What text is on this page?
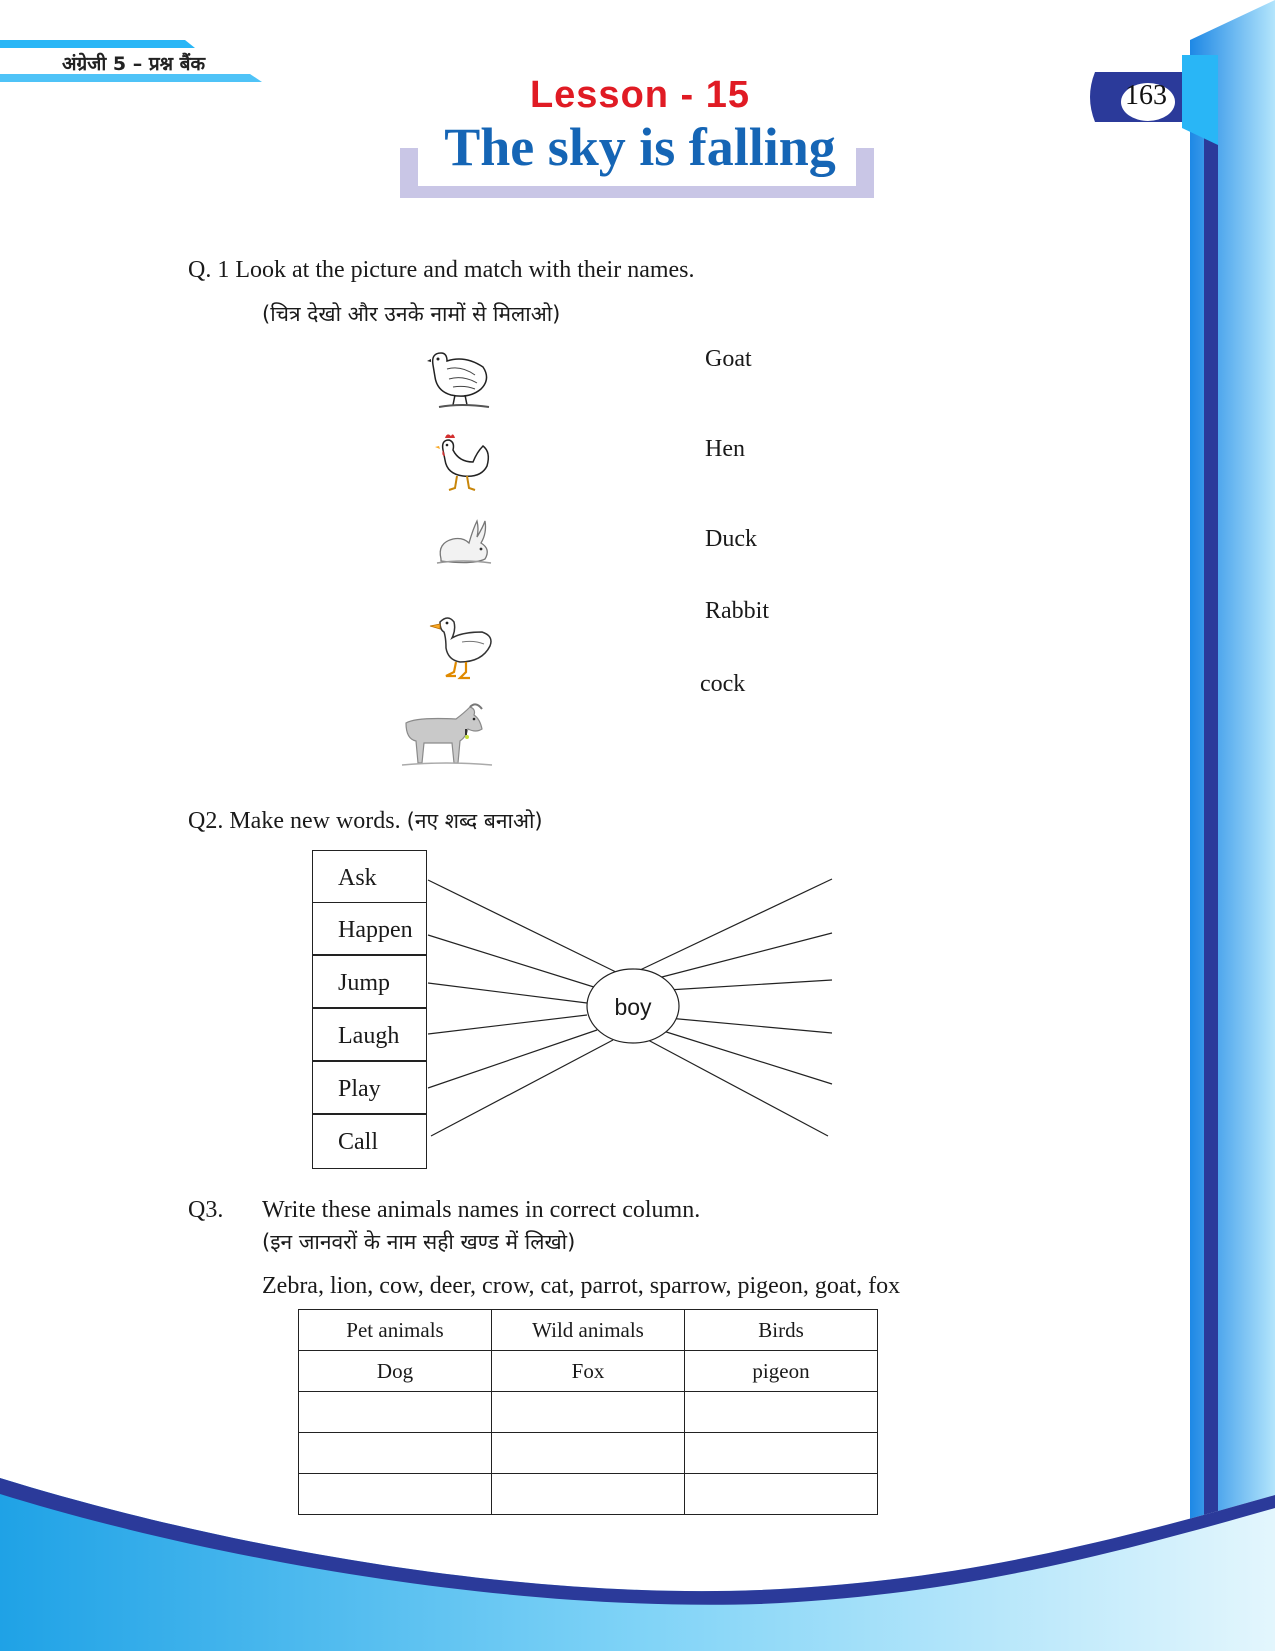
अंग्रेजी 5 – प्रश्न बैंक
163
Lesson - 15
The sky is falling
Q. 1 Look at the picture and match with their names.
(चित्र देखो और उनके नामों से मिलाओ)
Goat
Hen
Duck
Rabbit
cock
Q2. Make new words. (नए शब्द बनाओ)
Ask
Happen
Jump
Laugh
Play
Call
boy
Q3. Write these animals names in correct column.
(इन जानवरों के नाम सही खण्ड में लिखो)
Zebra, lion, cow, deer, crow, cat, parrot, sparrow, pigeon, goat, fox
Pet animals	Wild animals	Birds
Dog	Fox	pigeon
